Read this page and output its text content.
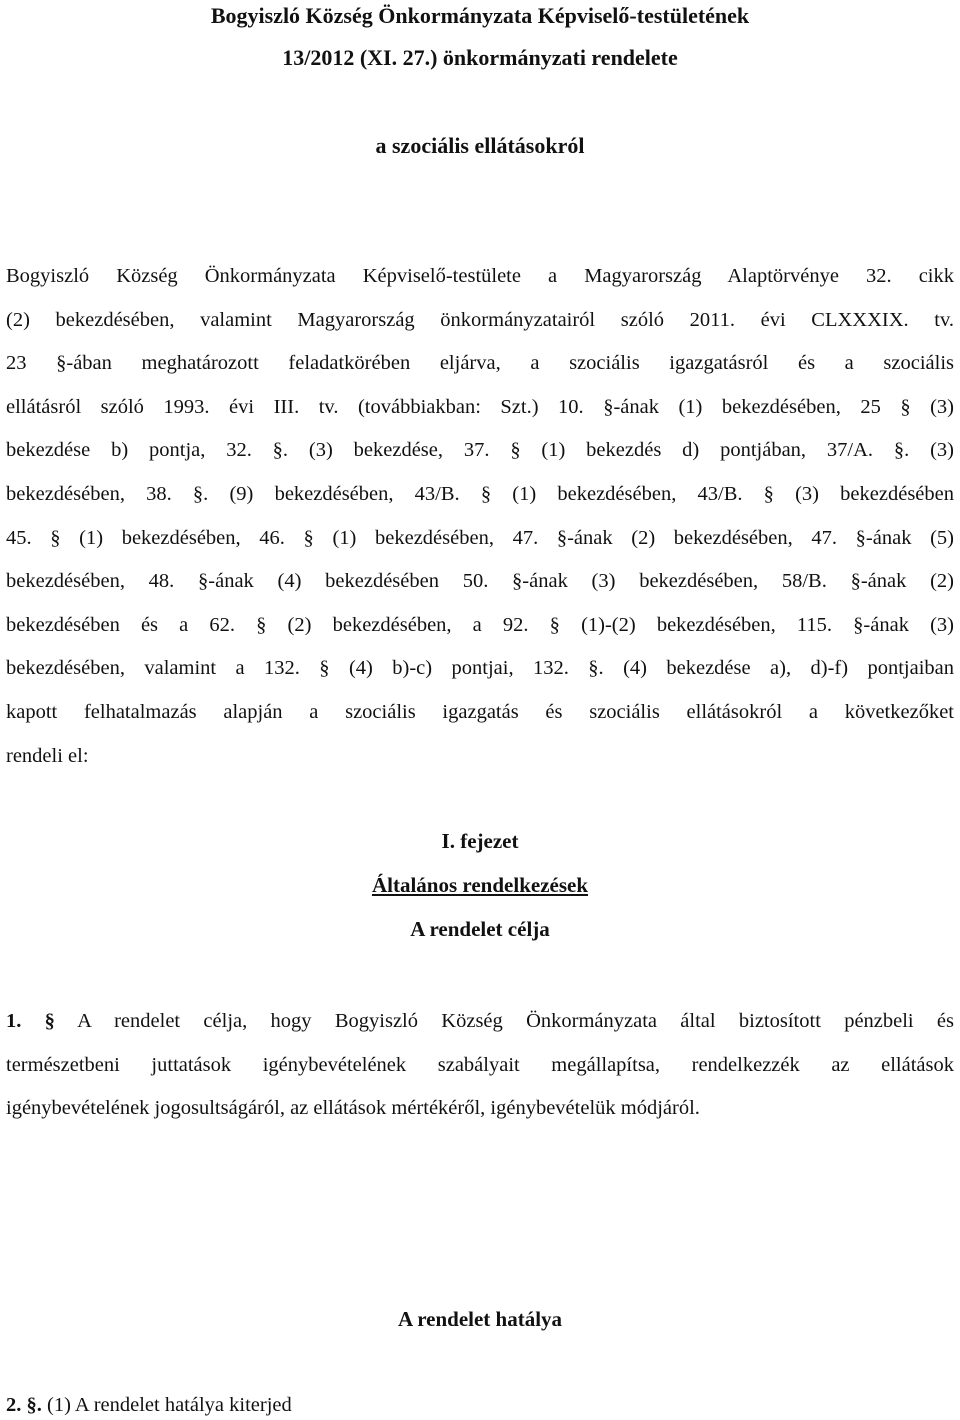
Bogyiszló Község Önkormányzata Képviselő-testületének
13/2012 (XI. 27.) önkormányzati rendelete
a szociális ellátásokról
Bogyiszló Község Önkormányzata Képviselő-testülete a Magyarország Alaptörvénye 32. cikk
(2) bekezdésében, valamint Magyarország önkormányzatairól szóló 2011. évi CLXXXIX. tv.
23 §-ában meghatározott feladatkörében eljárva, a szociális igazgatásról és a szociális
ellátásról szóló 1993. évi III. tv. (továbbiakban: Szt.) 10. §-ának (1) bekezdésében, 25 § (3)
bekezdése b) pontja, 32. §. (3) bekezdése, 37. § (1) bekezdés d) pontjában, 37/A. §. (3)
bekezdésében, 38. §. (9) bekezdésében, 43/B. § (1) bekezdésében, 43/B. § (3) bekezdésében
45. § (1) bekezdésében, 46. § (1) bekezdésében, 47. §-ának (2) bekezdésében, 47. §-ának (5)
bekezdésében, 48. §-ának (4) bekezdésében 50. §-ának (3) bekezdésében, 58/B. §-ának (2)
bekezdésében és a 62. § (2) bekezdésében, a 92. § (1)-(2) bekezdésében, 115. §-ának (3)
bekezdésében, valamint a 132. § (4) b)-c) pontjai, 132. §. (4) bekezdése a), d)-f) pontjaiban
kapott felhatalmazás alapján a szociális igazgatás és szociális ellátásokról a következőket
rendeli el:
I. fejezet
Általános rendelkezések
A rendelet célja
1. § A rendelet célja, hogy Bogyiszló Község Önkormányzata által biztosított pénzbeli és
természetbeni juttatások igénybevételének szabályait megállapítsa, rendelkezzék az ellátások
igénybevételének jogosultságáról, az ellátások mértékéről, igénybevételük módjáról.
A rendelet hatálya
2. §. (1) A rendelet hatálya kiterjed
